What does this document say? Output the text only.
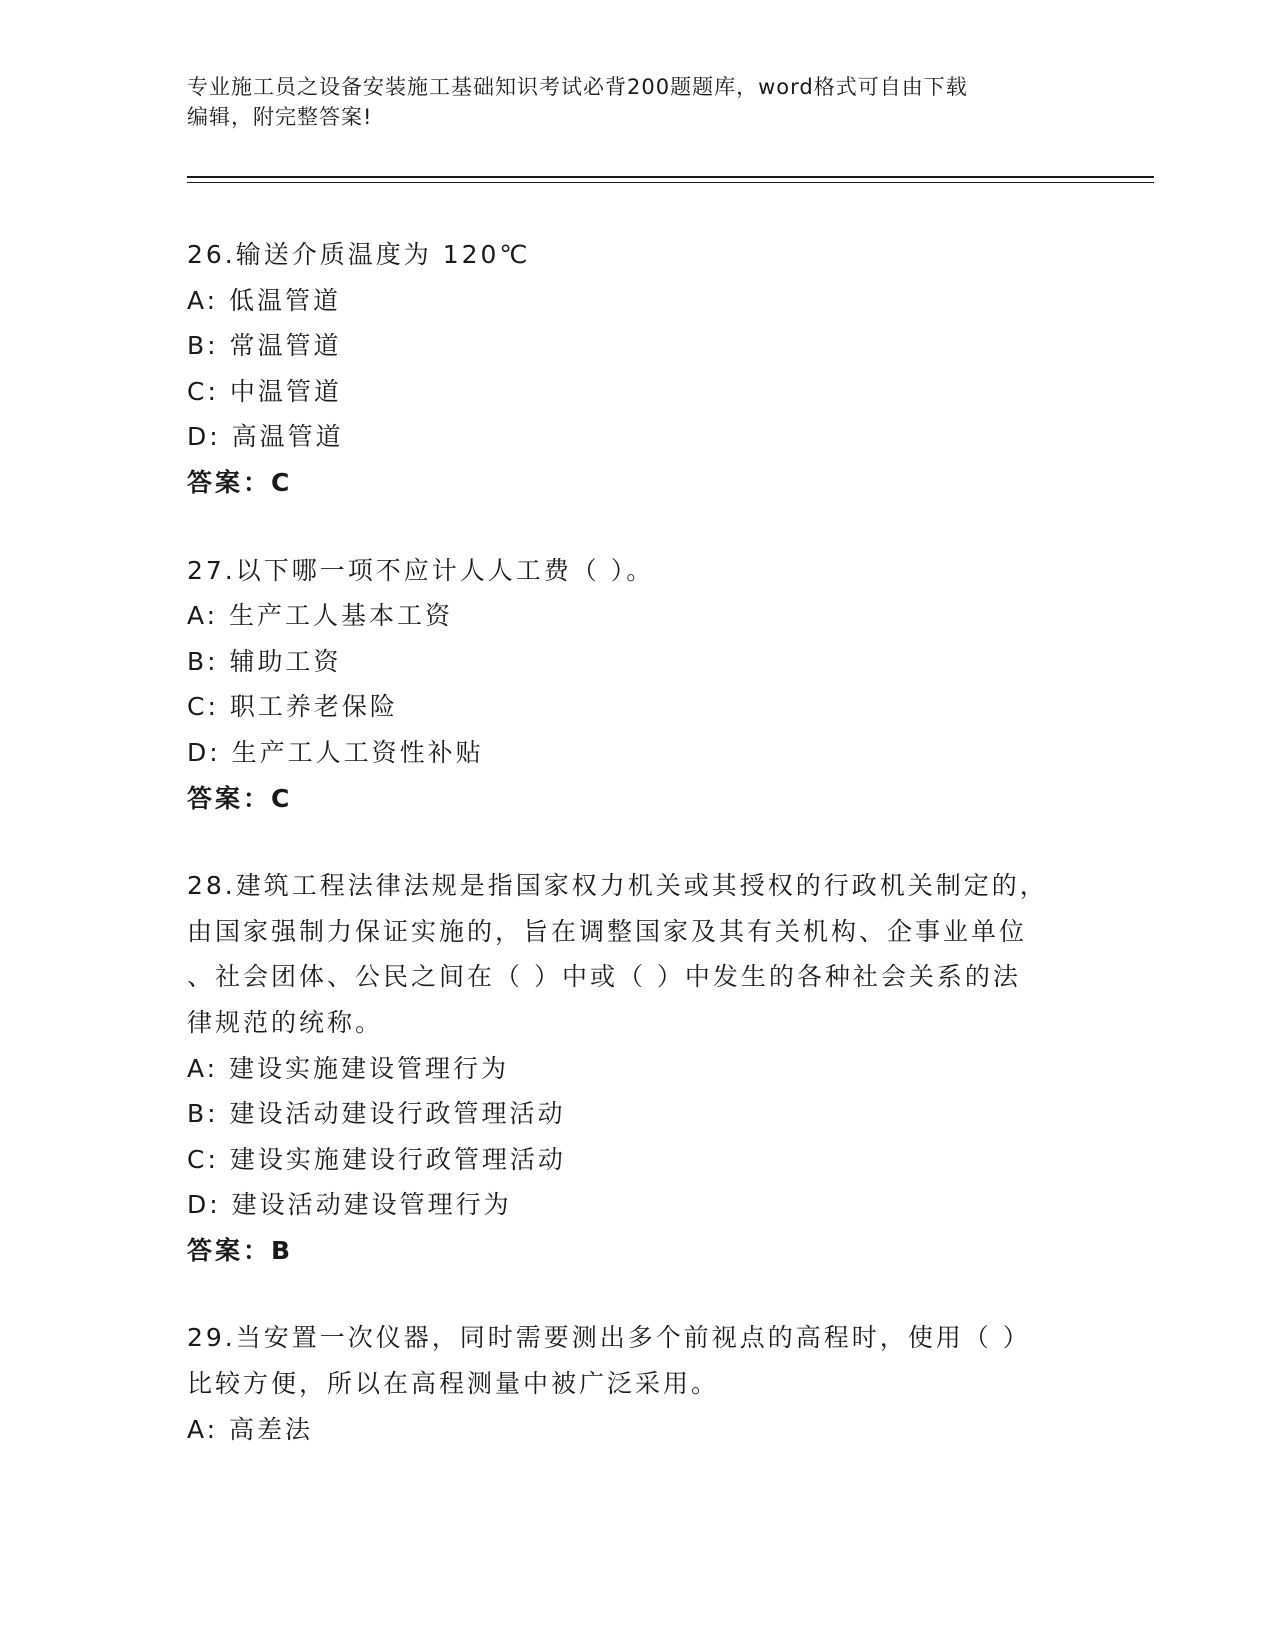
专业施工员之设备安装施工基础知识考试必背200题题库，word格式可自由下载
编辑，附完整答案!
26.输送介质温度为 120℃
A: 低温管道
B: 常温管道
C: 中温管道
D: 高温管道
答案：C
27.以下哪一项不应计人人工费（ ）。
A: 生产工人基本工资
B: 辅助工资
C: 职工养老保险
D: 生产工人工资性补贴
答案：C
28.建筑工程法律法规是指国家权力机关或其授权的行政机关制定的，
由国家强制力保证实施的，旨在调整国家及其有关机构、企事业单位
、社会团体、公民之间在（ ）中或（ ）中发生的各种社会关系的法
律规范的统称。
A: 建设实施建设管理行为
B: 建设活动建设行政管理活动
C: 建设实施建设行政管理活动
D: 建设活动建设管理行为
答案：B
29.当安置一次仪器，同时需要测出多个前视点的高程时，使用（ ）
比较方便，所以在高程测量中被广泛采用。
A: 高差法
